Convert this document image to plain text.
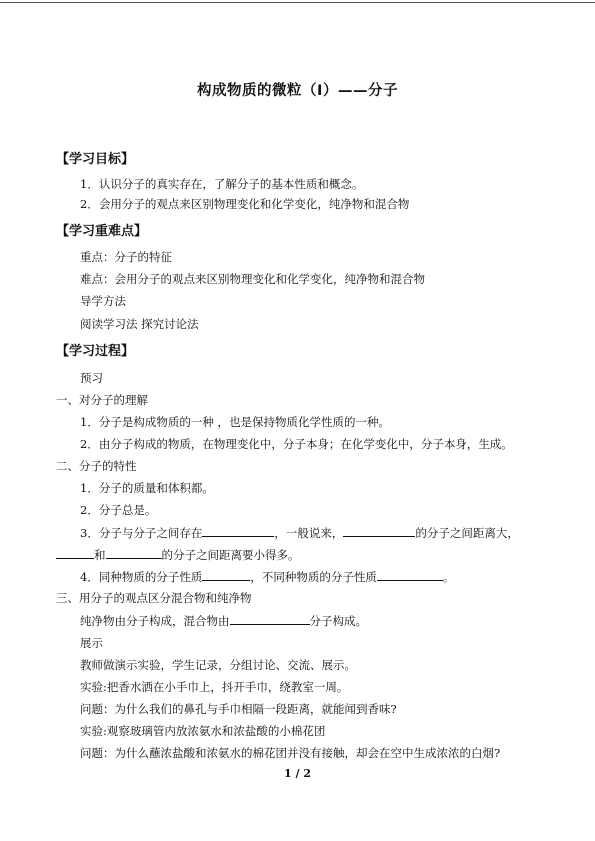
构成物质的微粒（Ⅰ）——分子
【学习目标】
1．认识分子的真实存在，了解分子的基本性质和概念。
2．会用分子的观点来区别物理变化和化学变化，纯净物和混合物
【学习重难点】
重点：分子的特征
难点：会用分子的观点来区别物理变化和化学变化，纯净物和混合物
导学方法
阅读学习法 探究讨论法
【学习过程】
预习
一、对分子的理解
1．分子是构成物质的一种 ，也是保持物质化学性质的一种。
2．由分子构成的物质，在物理变化中，分子本身；在化学变化中，分子本身，生成。
二、分子的特性
1．分子的质量和体积都。
2．分子总是。
3．分子与分子之间存在	，一般说来，	的分子之间距离大，
和	的分子之间距离要小得多。
4．同种物质的分子性质	，不同种物质的分子性质	。
三、用分子的观点区分混合物和纯净物
纯净物由分子构成，混合物由	分子构成。
展示
教师做演示实验，学生记录，分组讨论、交流、展示。
实验:把香水洒在小手巾上，抖开手巾，绕教室一周。
问题：为什么我们的鼻孔与手巾相隔一段距离，就能闻到香味?
实验:观察玻璃管内放浓氨水和浓盐酸的小棉花团
问题：为什么蘸浓盐酸和浓氨水的棉花团并没有接触，却会在空中生成浓浓的白烟?
1 / 2
